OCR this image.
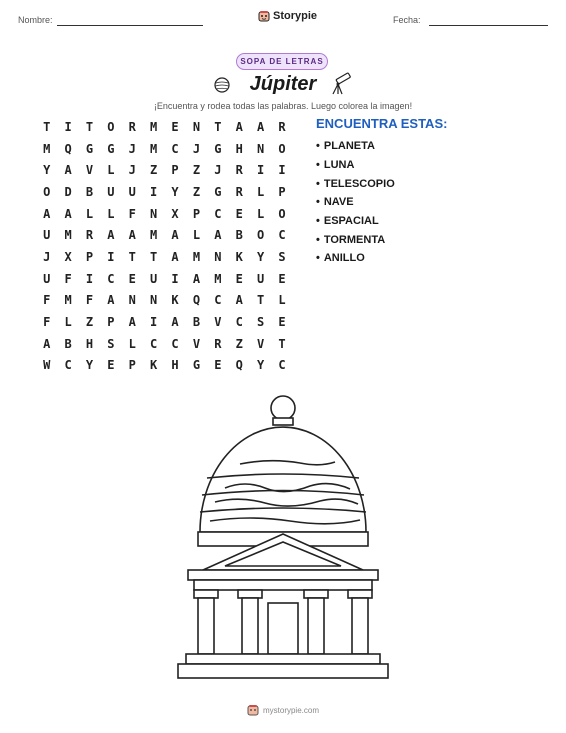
Nombre:	Storypie	Fecha:
SOPA DE LETRAS
Júpiter
¡Encuentra y rodea todas las palabras. Luego colorea la imagen!
T	I	T	O	R	M	E	N	T	A	A	R
M	Q	G	G	J	M	C	J	G	H	N	O
Y	A	V	L	J	Z	P	Z	J	R	I	I
O	D	B	U	U	I	Y	Z	G	R	L	P
A	A	L	L	F	N	X	P	C	E	L	O
U	M	R	A	A	M	A	L	A	B	O	C
J	X	P	I	T	T	A	M	N	K	Y	S
U	F	I	C	E	U	I	A	M	E	U	E
F	M	F	A	N	N	K	Q	C	A	T	L
F	L	Z	P	A	I	A	B	V	C	S	E
A	B	H	S	L	C	C	V	R	Z	V	T
W	C	Y	E	P	K	H	G	E	Q	Y	C
ENCUENTRA ESTAS:
• PLANETA
• LUNA
• TELESCOPIO
• NAVE
• ESPACIAL
• TORMENTA
• ANILLO
mystorypie.com
